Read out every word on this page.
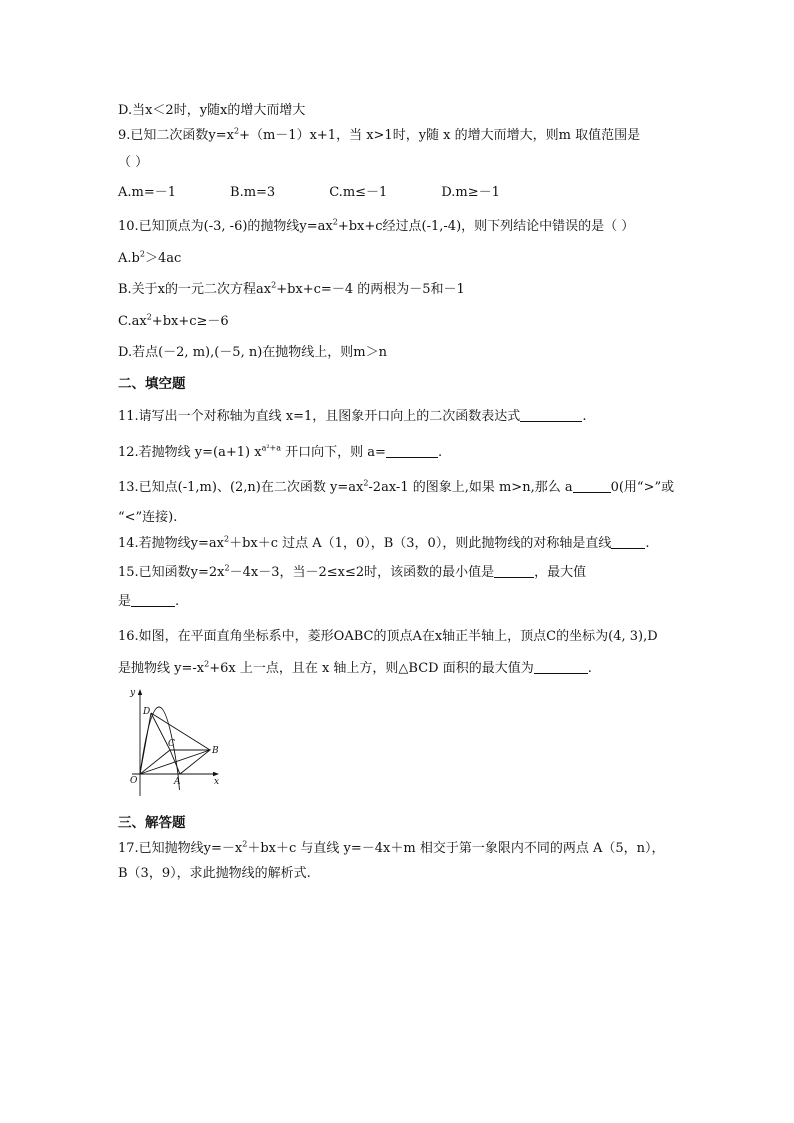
D.当x＜2时，y随x的增大而增大
9.已知二次函数$y=x^2+(m-1)x+1$，当 x>1时，y随 x 的增大而增大，则m 取值范围是
（ ）
A.m=－1	B.m=3	C.m≤－1	D.m≥－1
10.已知顶点为(-3, -6)的抛物线$y=ax^2+bx+c$经过点(-1,-4)，则下列结论中错误的是（ ）
$A.b^2>4ac$
B.关于x的一元二次方程$ax^2+bx+c=-4$ 的两根为－5和－1
$C.ax^2+bx+c\ge-6$
D.若点(－2, m),(－5, n)在抛物线上，则m＞n
二、填空题
11.请写出一个对称轴为直线 x=1，且图象开口向上的二次函数表达式	.
12.若抛物线 y=(a+1) $x^{a^2+a}$ 开口向下，则 a=	.
13.已知点(-1,m)、(2,n)在二次函数 $y=ax^2-2ax-1$ 的图象上,如果 m>n,那么 a	0(用“>”或
“<”连接).
14.若抛物线$y=ax^2+bx+c$ 过点 A（1，0），B（3，0），则此抛物线的对称轴是直线	.
15.已知函数$y=2x^2-4x-3$，当－2≤x≤2时，该函数的最小值是	，最大值
是	.
16.如图，在平面直角坐标系中，菱形OABC的顶点A在x轴正半轴上，顶点C的坐标为(4, 3),D
是抛物线 $y=-x^2+6x$ 上一点，且在 x 轴上方，则△BCD 面积的最大值为	.
y
x
O	A
B
C
D
三、解答题
17.已知抛物线$y=-x^2+bx+c$ 与直线 y=－4x＋m 相交于第一象限内不同的两点 A（5，n），
B（3，9），求此抛物线的解析式.
